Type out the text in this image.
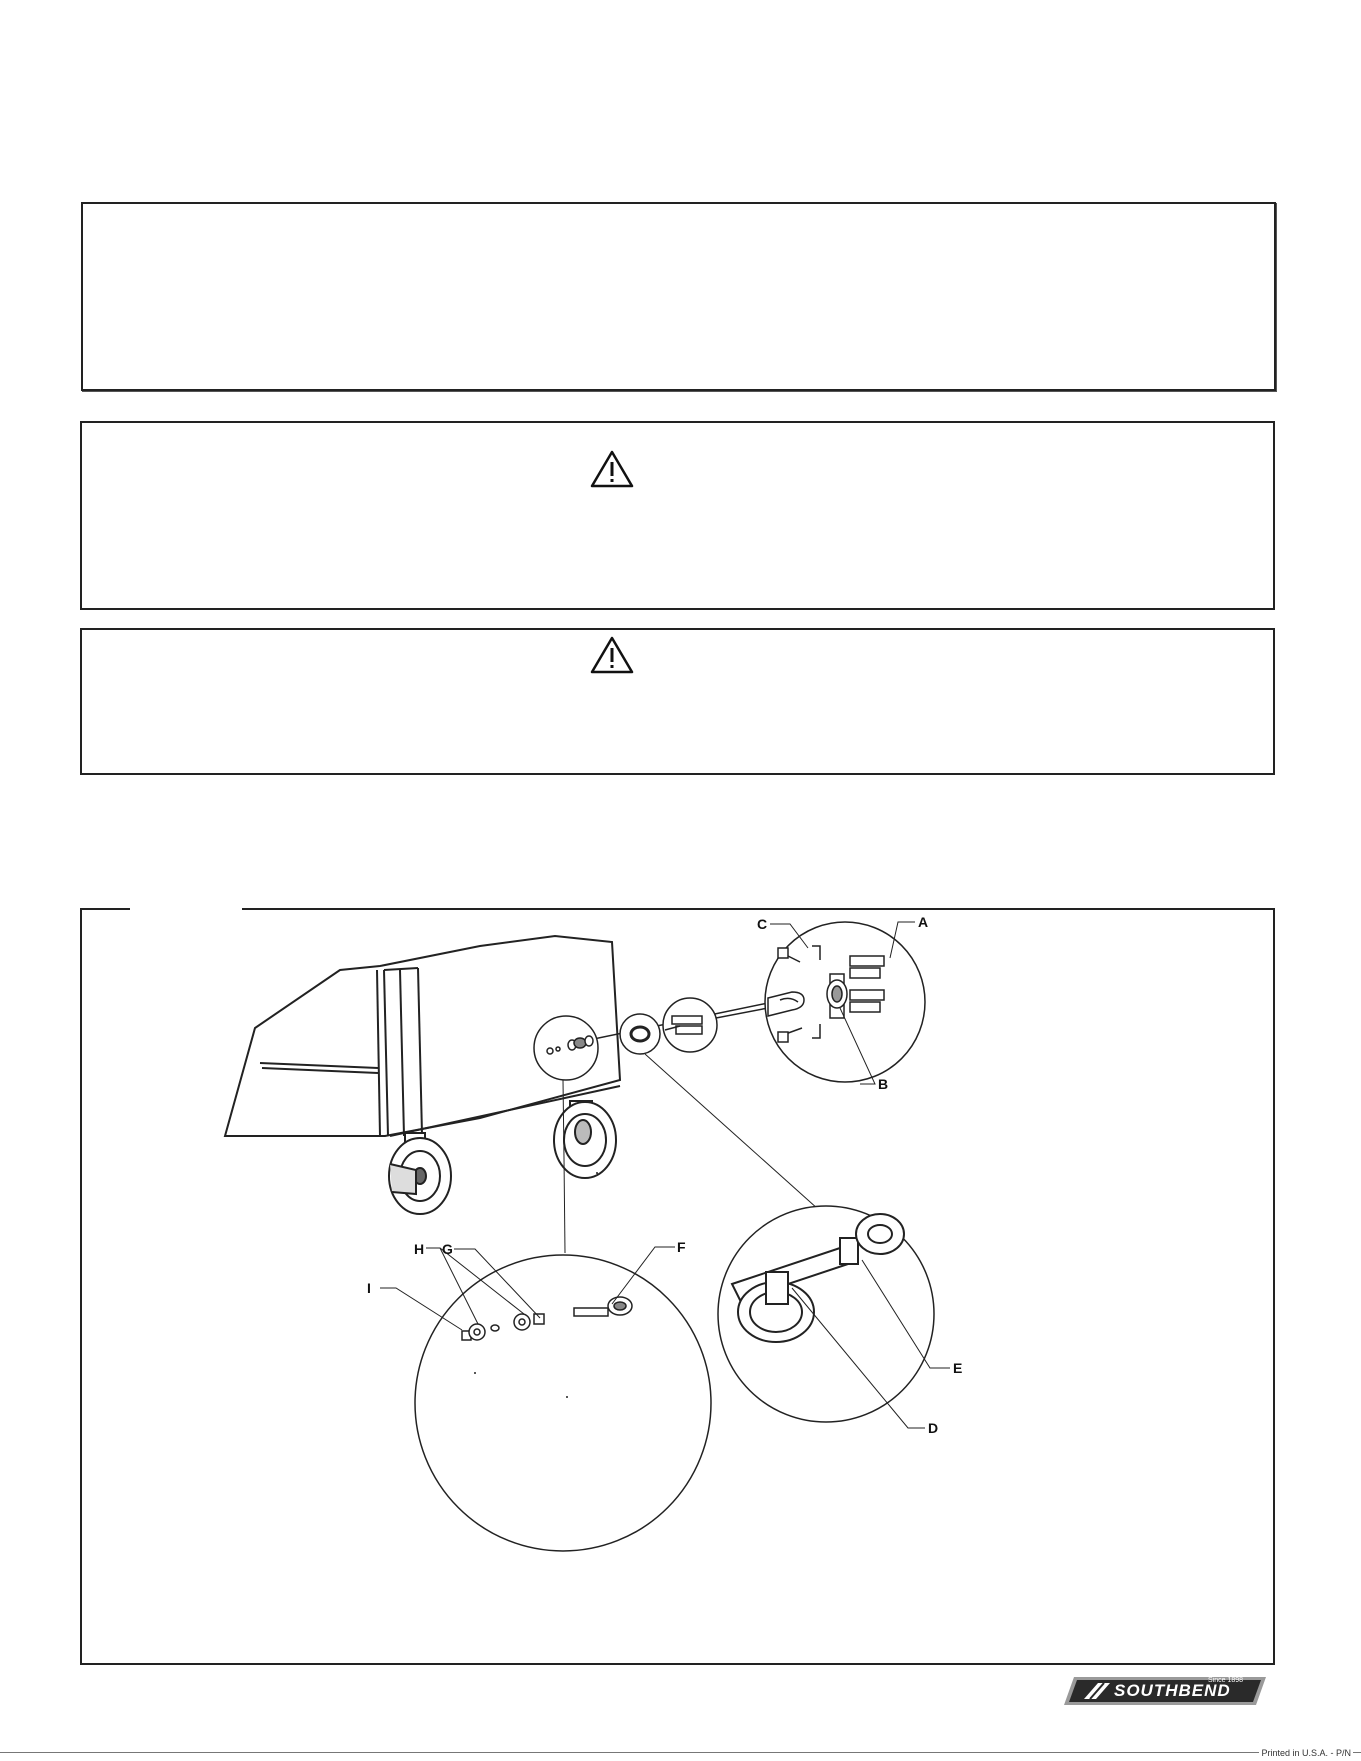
C	A
B
F
G
H
I
E
D
SOUTHBEND
Since 1898
Printed in U.S.A. - P/N
